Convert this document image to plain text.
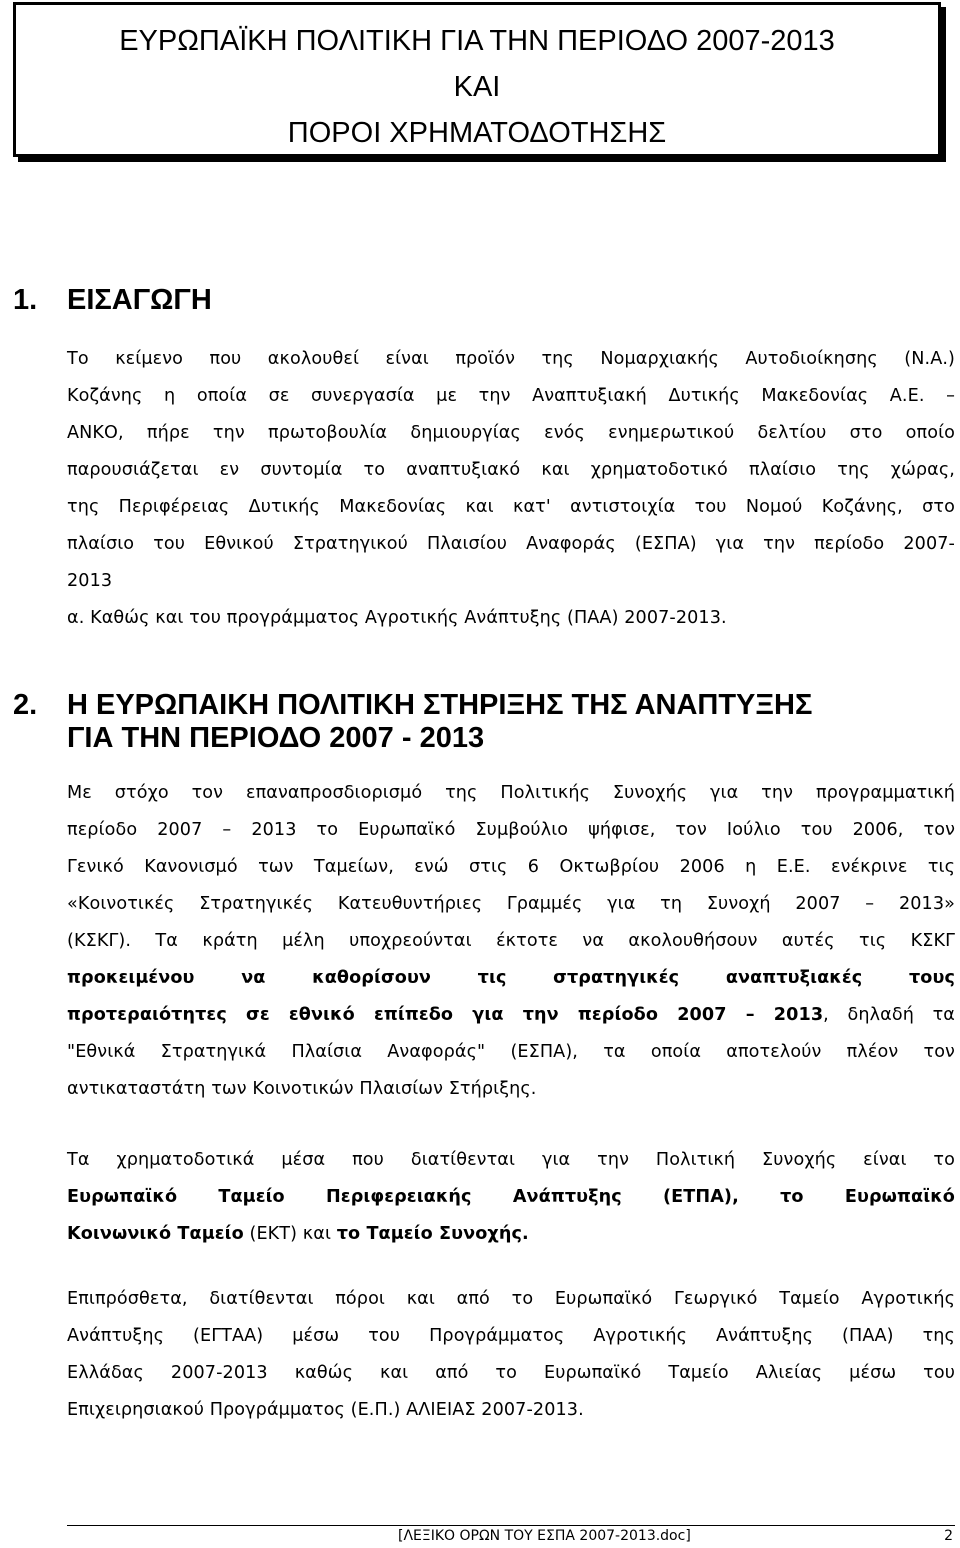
ΕΥΡΩΠΑΪΚΗ ΠΟΛΙΤΙΚΗ ΓΙΑ ΤΗΝ ΠΕΡΙΟΔΟ 2007-2013
ΚΑΙ
ΠΟΡΟΙ ΧΡΗΜΑΤΟΔΟΤΗΣΗΣ
1. ΕΙΣΑΓΩΓΗ
Το κείμενο που ακολουθεί είναι προϊόν της Νομαρχιακής Αυτοδιοίκησης (Ν.Α.)
Κοζάνης η οποία σε συνεργασία με την Αναπτυξιακή Δυτικής Μακεδονίας Α.Ε. –
ΑΝΚΟ, πήρε την πρωτοβουλία δημιουργίας ενός ενημερωτικού δελτίου στο οποίο
παρουσιάζεται εν συντομία το αναπτυξιακό και χρηματοδοτικό πλαίσιο της χώρας,
της Περιφέρειας Δυτικής Μακεδονίας και κατ' αντιστοιχία του Νομού Κοζάνης, στο
πλαίσιο του Εθνικού Στρατηγικού Πλαισίου Αναφοράς (ΕΣΠΑ) για την περίοδο 2007-
2013
α. Καθώς και του προγράμματος Αγροτικής Ανάπτυξης (ΠΑΑ) 2007-2013.
2. Η ΕΥΡΩΠΑΙΚΗ ΠΟΛΙΤΙΚΗ ΣΤΗΡΙΞΗΣ ΤΗΣ ΑΝΑΠΤΥΞΗΣ
ΓΙΑ ΤΗΝ ΠΕΡΙΟΔΟ 2007 - 2013
Με στόχο τον επαναπροσδιορισμό της Πολιτικής Συνοχής για την προγραμματική
περίοδο 2007 – 2013 το Ευρωπαϊκό Συμβούλιο ψήφισε, τον Ιούλιο του 2006, τον
Γενικό Κανονισμό των Ταμείων, ενώ στις 6 Οκτωβρίου 2006 η Ε.Ε. ενέκρινε τις
«Κοινοτικές Στρατηγικές Κατευθυντήριες Γραμμές για τη Συνοχή 2007 – 2013»
(ΚΣΚΓ). Τα κράτη μέλη υποχρεούνται έκτοτε να ακολουθήσουν αυτές τις ΚΣΚΓ
προκειμένου να καθορίσουν τις στρατηγικές αναπτυξιακές τους
προτεραιότητες σε εθνικό επίπεδο για την περίοδο 2007 – 2013, δηλαδή τα
"Εθνικά Στρατηγικά Πλαίσια Αναφοράς" (ΕΣΠΑ), τα οποία αποτελούν πλέον τον
αντικαταστάτη των Κοινοτικών Πλαισίων Στήριξης.
Τα χρηματοδοτικά μέσα που διατίθενται για την Πολιτική Συνοχής είναι το
Ευρωπαϊκό Ταμείο Περιφερειακής Ανάπτυξης (ΕΤΠΑ), το Ευρωπαϊκό
Κοινωνικό Ταμείο (ΕΚΤ) και το Ταμείο Συνοχής.
Επιπρόσθετα, διατίθενται πόροι και από το Ευρωπαϊκό Γεωργικό Ταμείο Αγροτικής
Ανάπτυξης (ΕΓΤΑΑ) μέσω του Προγράμματος Αγροτικής Ανάπτυξης (ΠΑΑ) της
Ελλάδας 2007-2013 καθώς και από το Ευρωπαϊκό Ταμείο Αλιείας μέσω του
Επιχειρησιακού Προγράμματος (Ε.Π.) ΑΛΙΕΙΑΣ 2007-2013.
[ΛΕΞΙΚΟ ΟΡΩΝ ΤΟΥ ΕΣΠΑ 2007-2013.doc]	2
